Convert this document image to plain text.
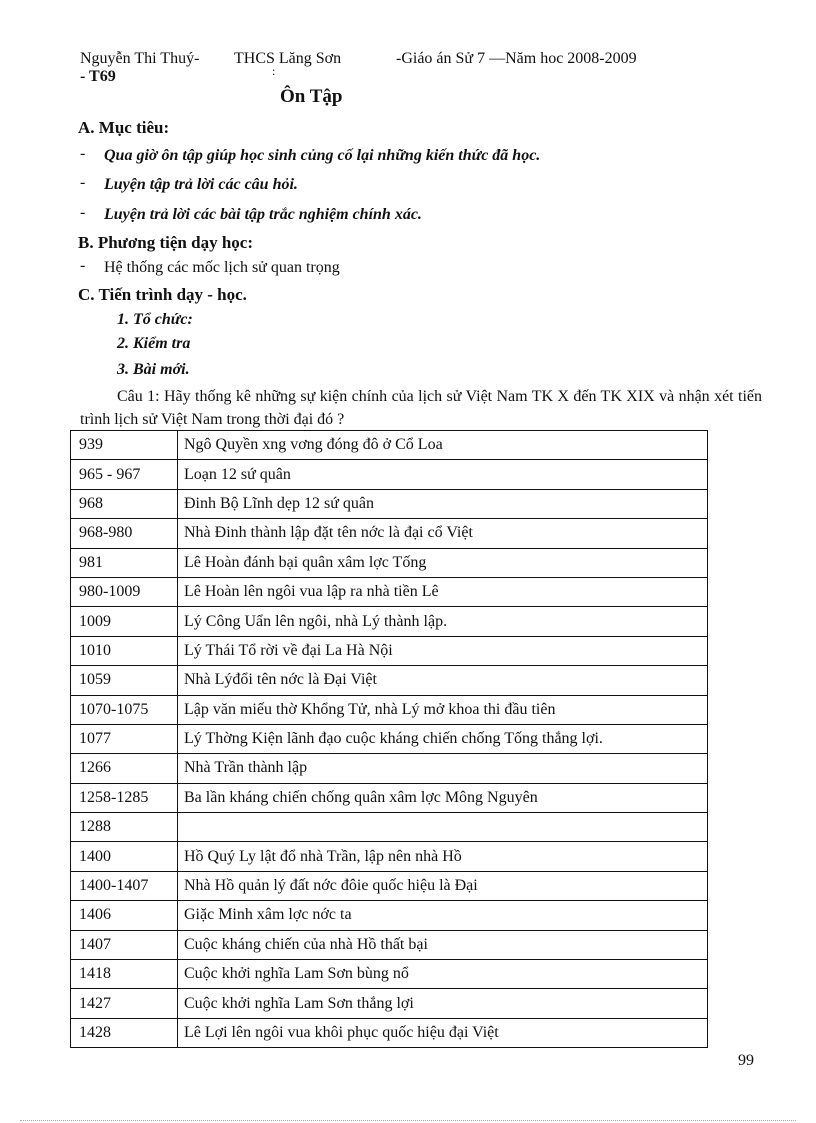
Nguyễn Thi Thuý- THCS Lăng Sơn	-Giáo án Sử 7 —Năm hoc 2008-2009
:
- T69
Ôn Tập
A. Mục tiêu:
- Qua giờ ôn tập giúp học sinh củng cố lại những kiến thức đã học.
- Luyện tập trả lời các câu hỏi.
- Luyện trả lời các bài tập trắc nghiệm chính xác.
B. Phương tiện dạy học:
- Hệ thống các mốc lịch sử quan trọng
C. Tiến trình dạy - học.
1. Tổ chức:
2. Kiểm tra
3. Bài mới.
Câu 1: Hãy thống kê những sự kiện chính của lịch sử Việt Nam TK X đến TK XIX và nhận xét tiến trình lịch sử Việt Nam trong thời đại đó ?
939	Ngô Quyền xng vơng đóng đô ở Cổ Loa
965 - 967	Loạn 12 sứ quân
968	Đinh Bộ Lĩnh dẹp 12 sứ quân
968-980	Nhà Đinh thành lập đặt tên nớc là đại cổ Việt
981	Lê Hoàn đánh bại quân xâm lợc Tống
980-1009	Lê Hoàn lên ngôi vua lập ra nhà tiền Lê
1009	Lý Công Uẩn lên ngôi, nhà Lý thành lập.
1010	Lý Thái Tổ rời về đại La Hà Nội
1059	Nhà Lýđổi tên nớc là Đại Việt
1070-1075	Lập văn miếu thờ Khổng Tử, nhà Lý mở khoa thi đầu tiên
1077	Lý Thờng Kiện lãnh đạo cuộc kháng chiến chống Tống thắng lợi.
1266	Nhà Trần thành lập
1258-1285	Ba lần kháng chiến chống quân xâm lợc Mông Nguyên
1288	
1400	Hồ Quý Ly lật đổ nhà Trần, lập nên nhà Hồ
1400-1407	Nhà Hồ quản lý đất nớc đôie quốc hiệu là Đại
1406	Giặc Minh xâm lợc nớc ta
1407	Cuộc kháng chiến của nhà Hồ thất bại
1418	Cuộc khởi nghĩa Lam Sơn bùng nổ
1427	Cuộc khởi nghĩa Lam Sơn thắng lợi
1428	Lê Lợi lên ngôi vua khôi phục quốc hiệu đại Việt
99
